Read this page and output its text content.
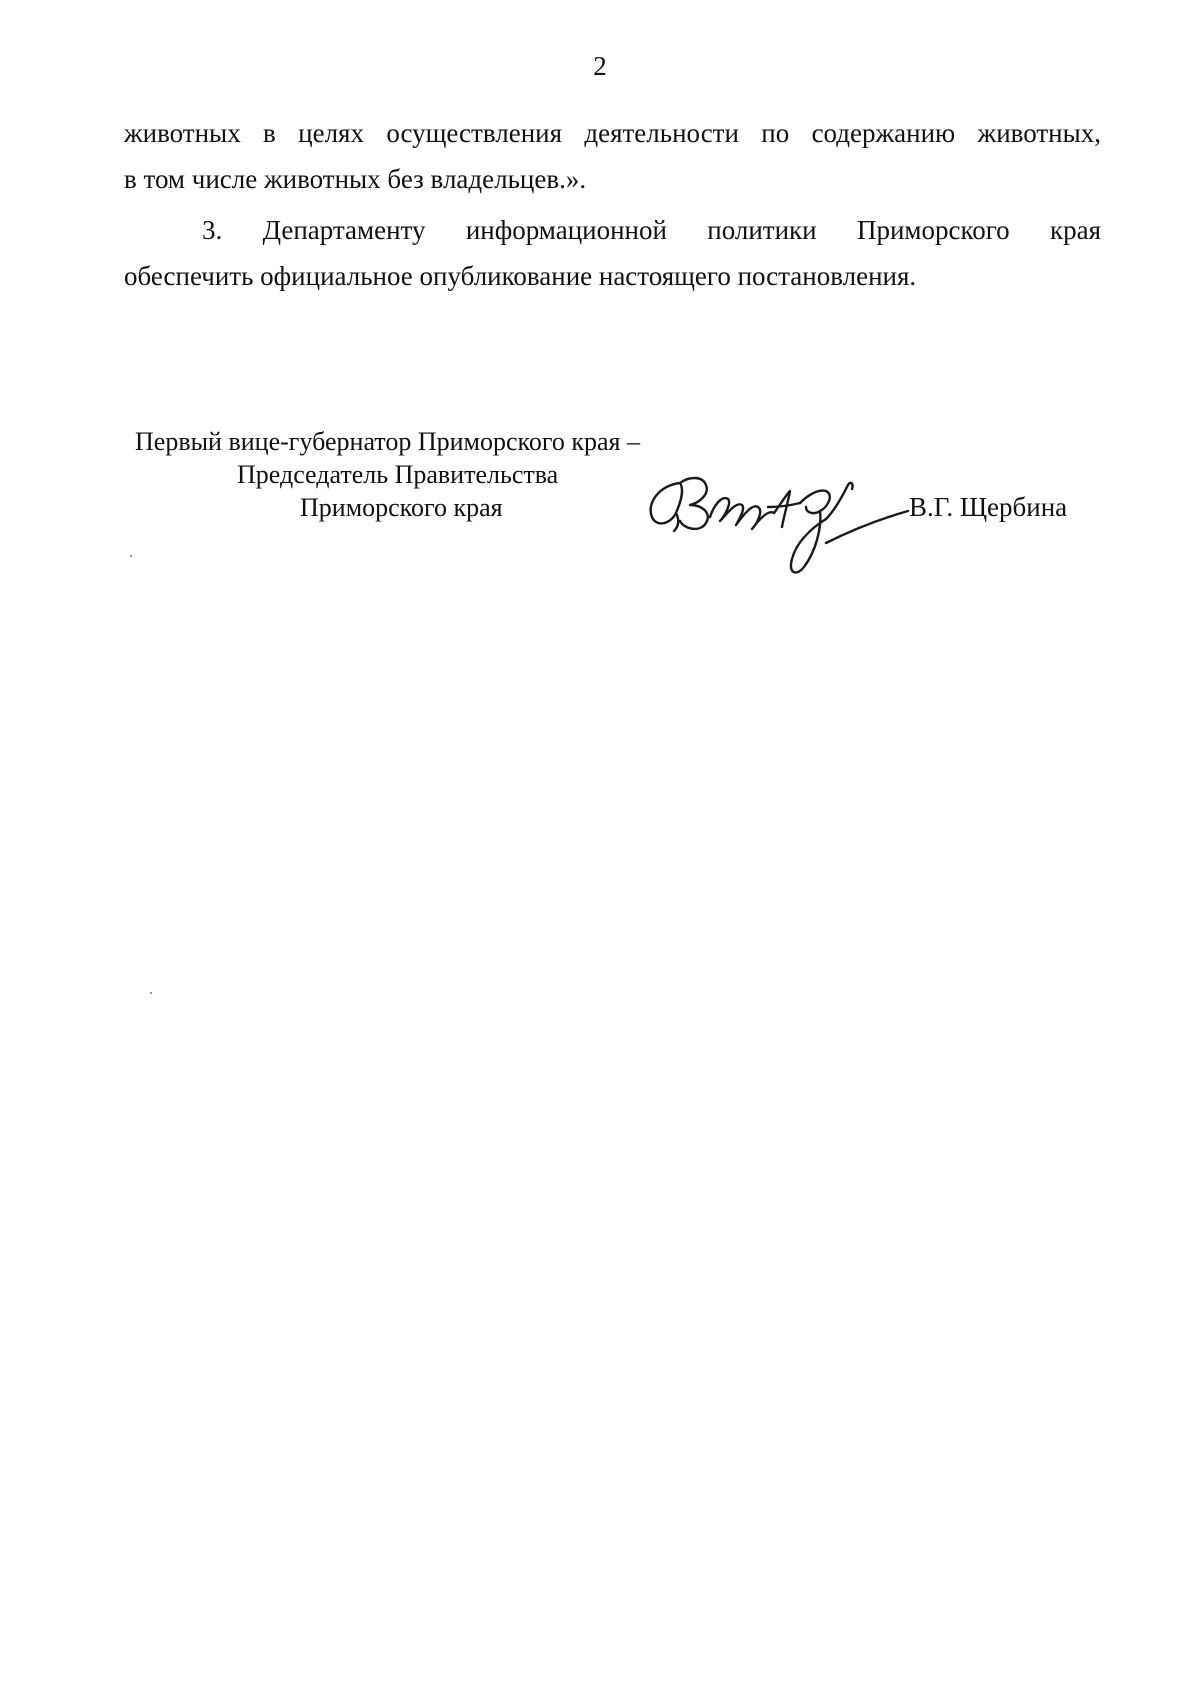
2
животных в целях осуществления деятельности по содержанию животных,
в том числе животных без владельцев.».
3. Департаменту информационной политики Приморского края
обеспечить официальное опубликование настоящего постановления.
Первый вице-губернатор Приморского края –
Председатель Правительства
Приморского края	В.Г. Щербина
